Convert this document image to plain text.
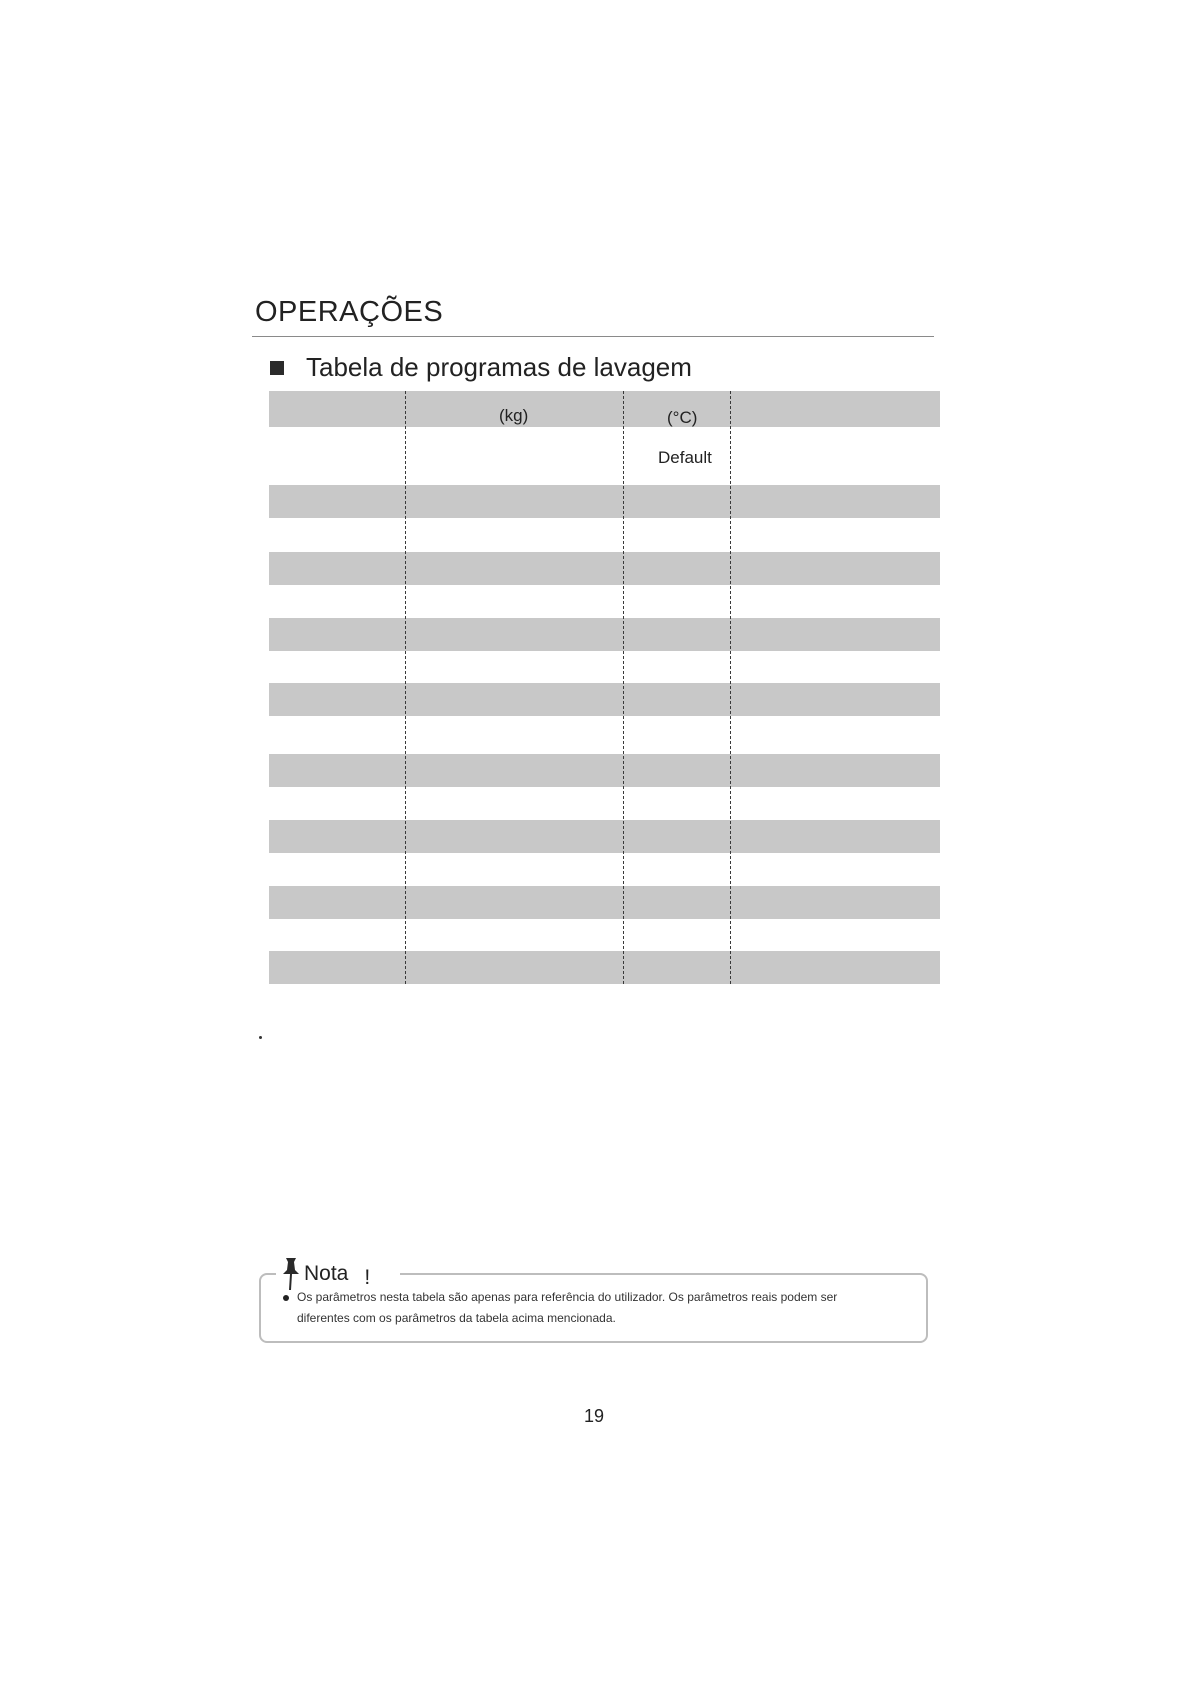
OPERAÇÕES
Tabela de programas de lavagem
(kg)	(°C)
Default
Nota !
Os parâmetros nesta tabela são apenas para referência do utilizador. Os parâmetros reais podem ser
diferentes com os parâmetros da tabela acima mencionada.
19
